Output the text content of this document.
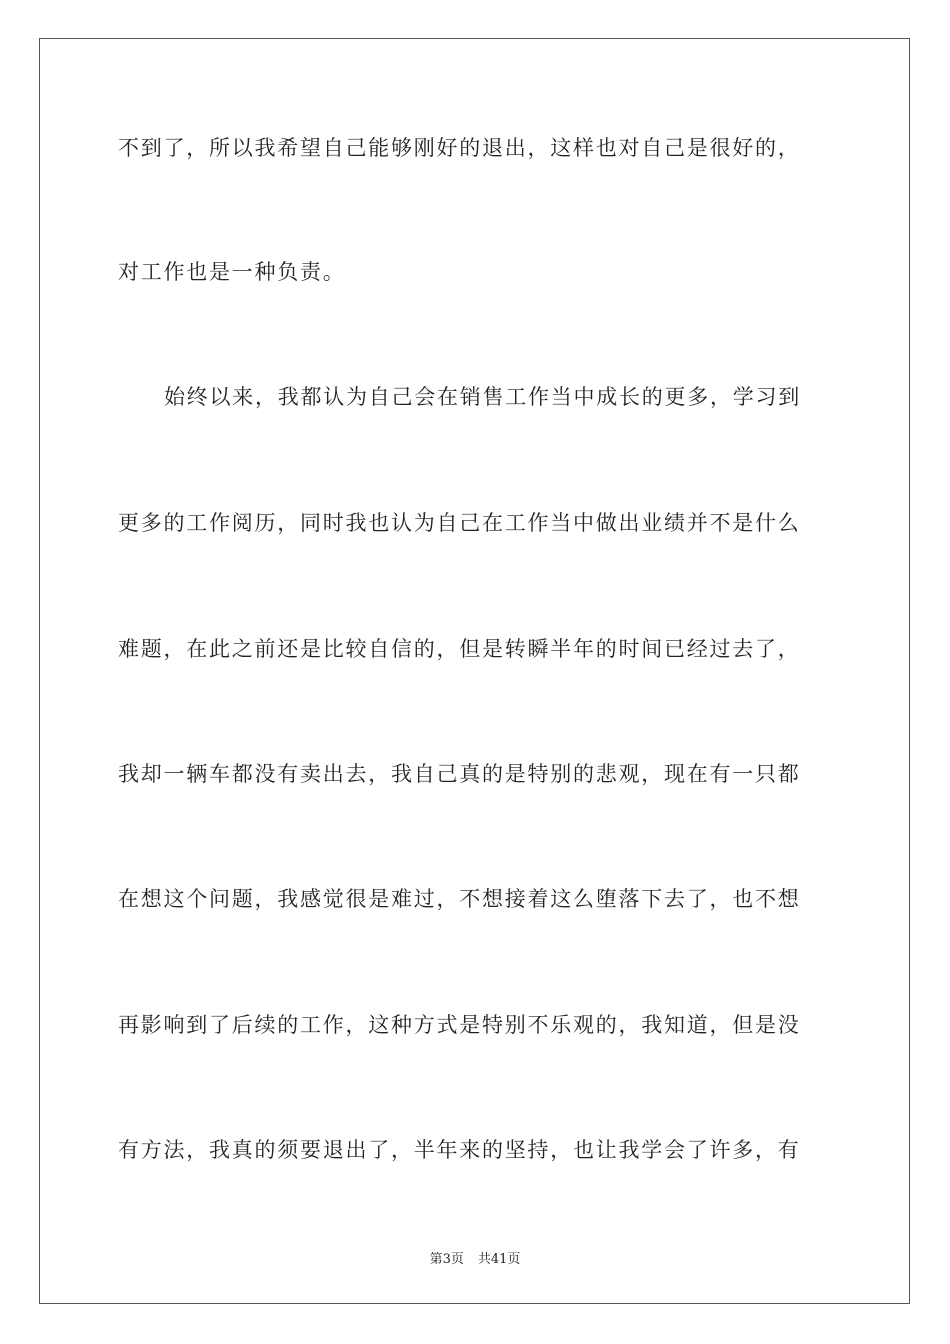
不到了，所以我希望自己能够刚好的退出，这样也对自己是很好的，
对工作也是一种负责。
始终以来，我都认为自己会在销售工作当中成长的更多，学习到
更多的工作阅历，同时我也认为自己在工作当中做出业绩并不是什么
难题，在此之前还是比较自信的，但是转瞬半年的时间已经过去了，
我却一辆车都没有卖出去，我自己真的是特别的悲观，现在有一只都
在想这个问题，我感觉很是难过，不想接着这么堕落下去了，也不想
再影响到了后续的工作，这种方式是特别不乐观的，我知道，但是没
有方法，我真的须要退出了，半年来的坚持，也让我学会了许多，有
第3页 共41页
